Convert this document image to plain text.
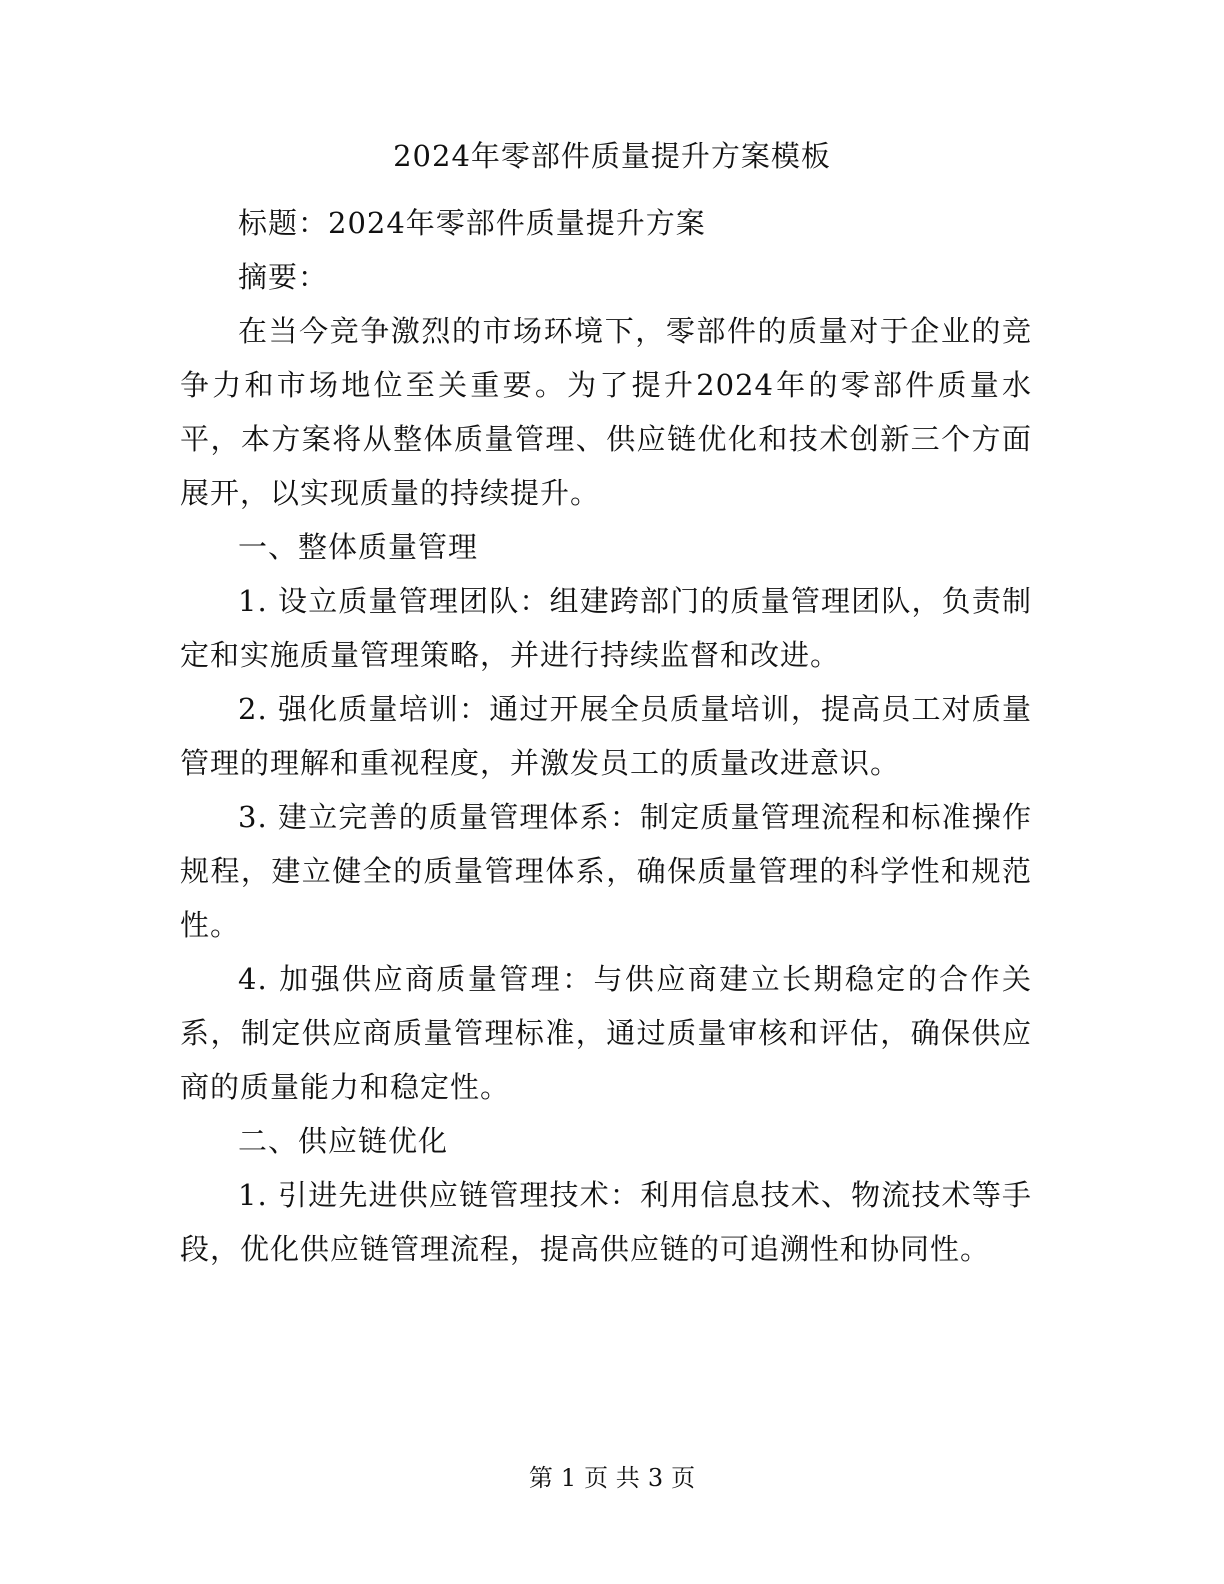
2024年零部件质量提升方案模板

标题：2024年零部件质量提升方案

摘要：

在当今竞争激烈的市场环境下，零部件的质量对于企业的竞争力和市场地位至关重要。为了提升2024年的零部件质量水平，本方案将从整体质量管理、供应链优化和技术创新三个方面展开，以实现质量的持续提升。

一、整体质量管理

1. 设立质量管理团队：组建跨部门的质量管理团队，负责制定和实施质量管理策略，并进行持续监督和改进。

2. 强化质量培训：通过开展全员质量培训，提高员工对质量管理的理解和重视程度，并激发员工的质量改进意识。

3. 建立完善的质量管理体系：制定质量管理流程和标准操作规程，建立健全的质量管理体系，确保质量管理的科学性和规范性。

4. 加强供应商质量管理：与供应商建立长期稳定的合作关系，制定供应商质量管理标准，通过质量审核和评估，确保供应商的质量能力和稳定性。

二、供应链优化

1. 引进先进供应链管理技术：利用信息技术、物流技术等手段，优化供应链管理流程，提高供应链的可追溯性和协同性。

第 1 页 共 3 页
